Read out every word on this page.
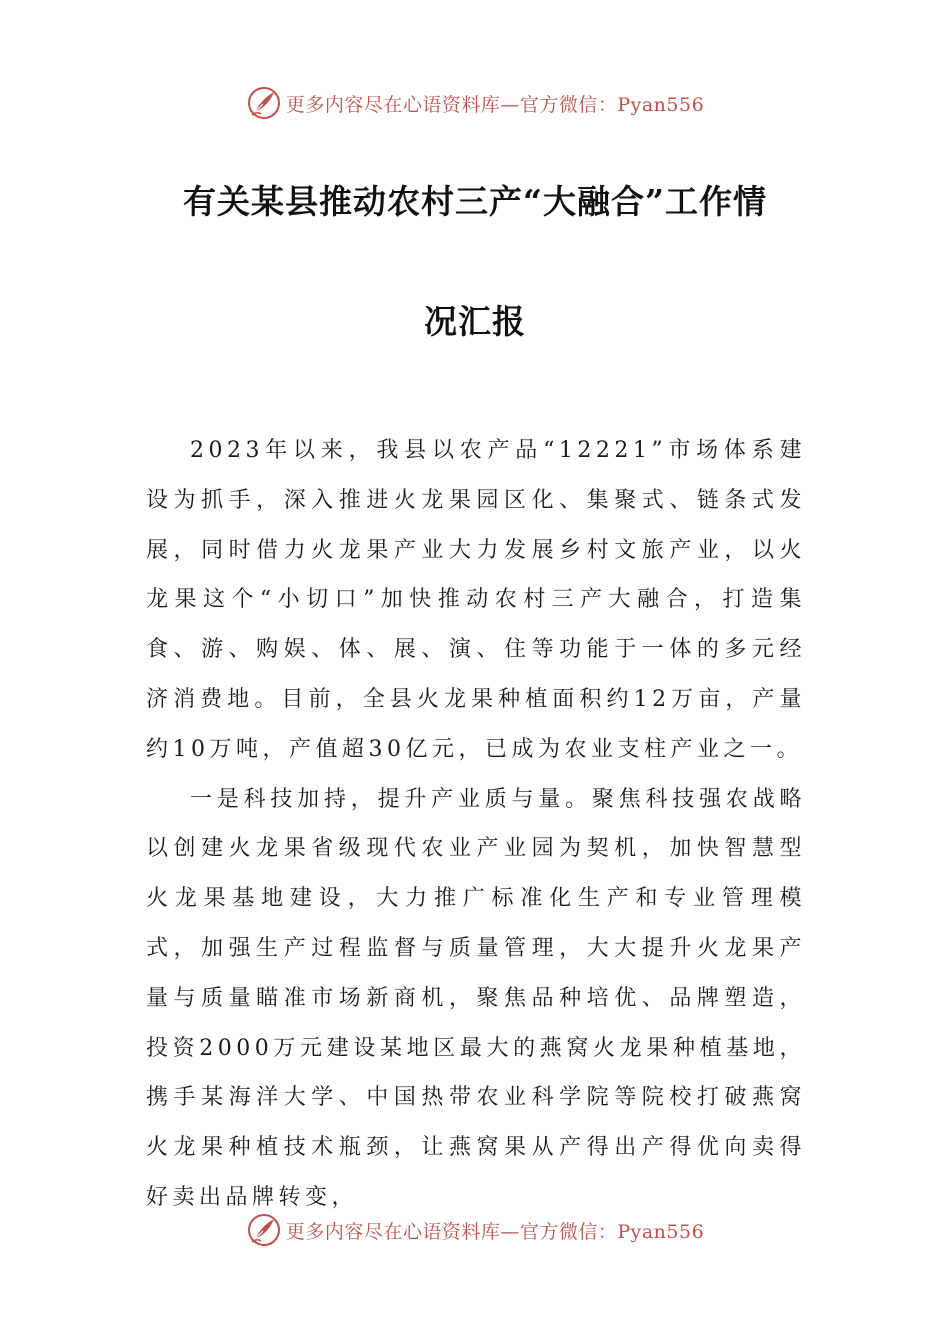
更多内容尽在心语资料库—官方微信：Pyan556
有关某县推动农村三产“大融合”工作情
况汇报

2023年以来，我县以农产品“12221”市场体系建设为抓手，深入推进火龙果园区化、集聚式、链条式发展，同时借力火龙果产业大力发展乡村文旅产业，以火龙果这个“小切口”加快推动农村三产大融合，打造集食、游、购娱、体、展、演、住等功能于一体的多元经济消费地。目前，全县火龙果种植面积约12万亩，产量约10万吨，产值超30亿元，已成为农业支柱产业之一。

一是科技加持，提升产业质与量。聚焦科技强农战略以创建火龙果省级现代农业产业园为契机，加快智慧型火龙果基地建设，大力推广标准化生产和专业管理模式，加强生产过程监督与质量管理，大大提升火龙果产量与质量瞄准市场新商机，聚焦品种培优、品牌塑造，投资2000万元建设某地区最大的燕窝火龙果种植基地，携手某海洋大学、中国热带农业科学院等院校打破燕窝火龙果种植技术瓶颈，让燕窝果从产得出产得优向卖得好卖出品牌转变，

更多内容尽在心语资料库—官方微信：Pyan556
